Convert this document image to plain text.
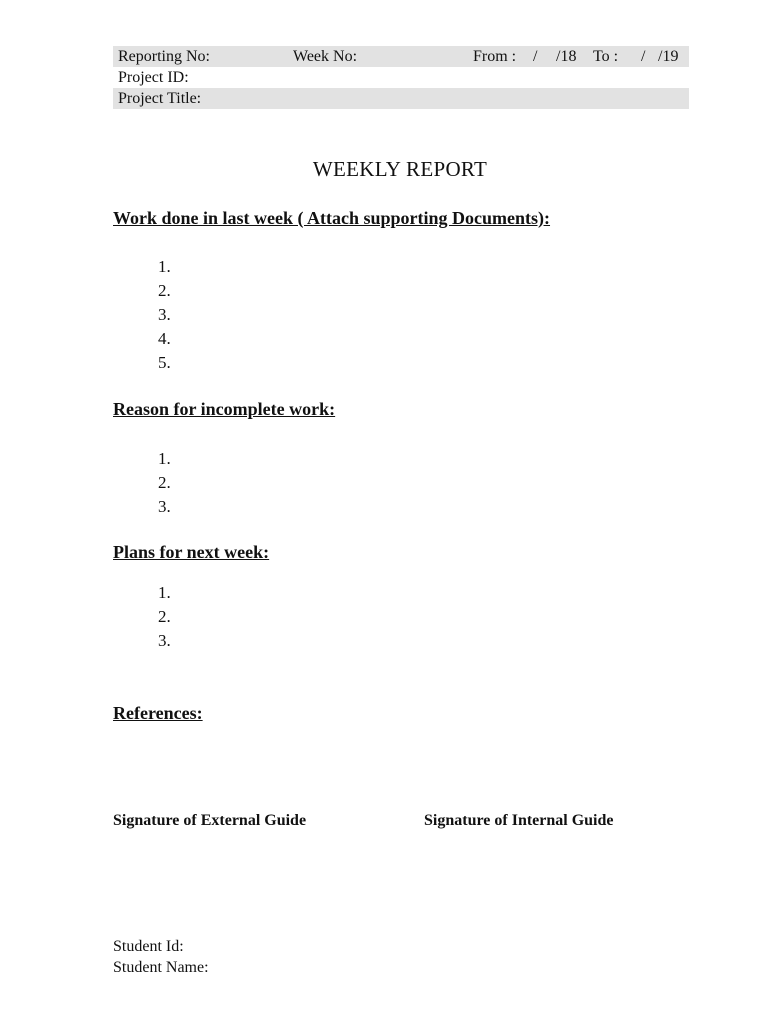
Reporting No:	Week No:	From : / /18 To : / /19
Project ID:
Project Title:
WEEKLY REPORT
Work done in last week ( Attach supporting Documents):
1.
2.
3.
4.
5.
Reason for incomplete work:
1.
2.
3.
Plans for next week:
1.
2.
3.
References:
Signature of External Guide	Signature of Internal Guide
Student Id:
Student Name:
